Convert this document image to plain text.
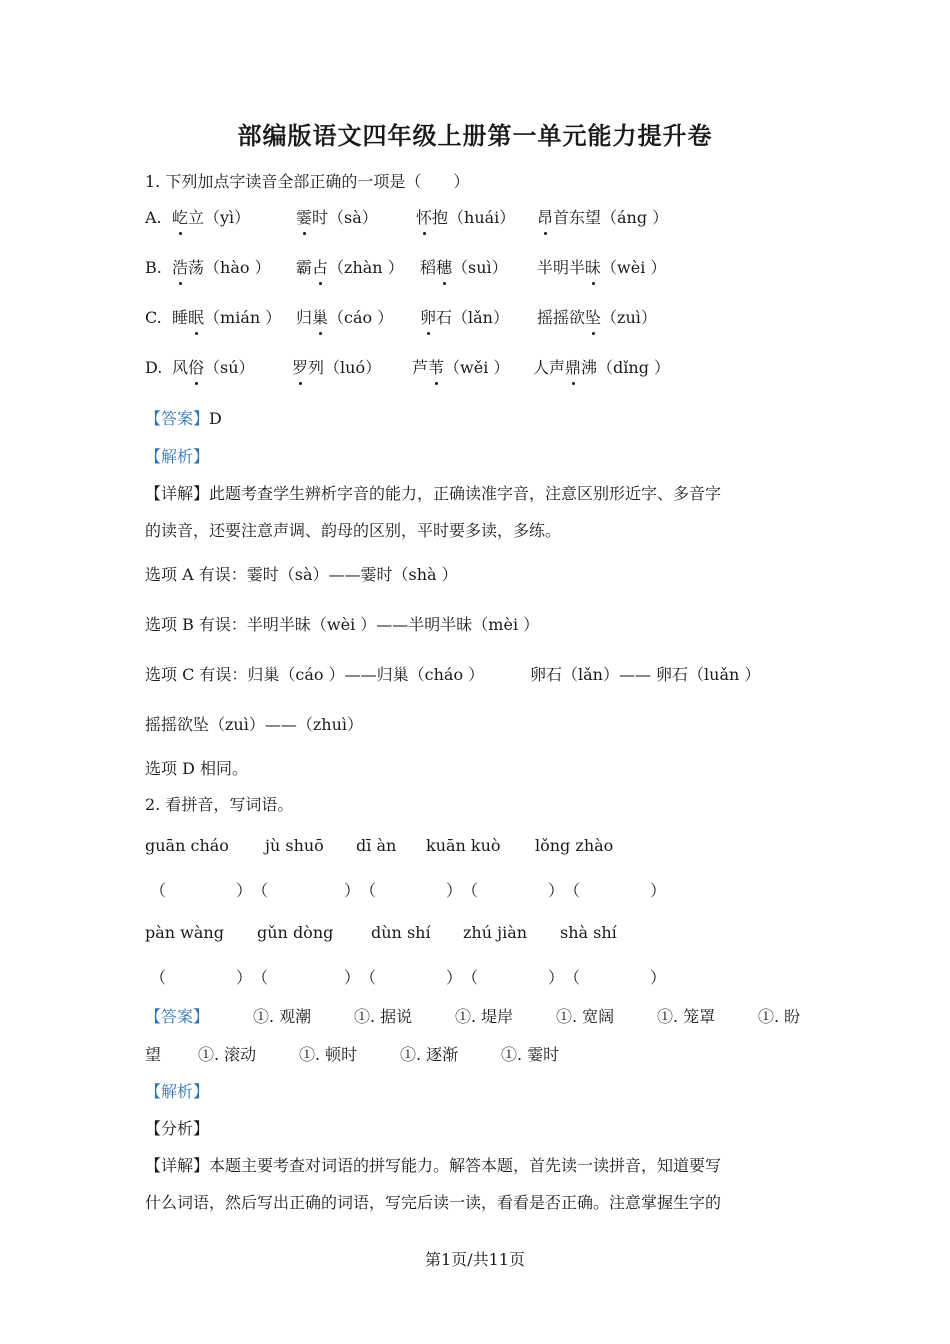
部编版语文四年级上册第一单元能力提升卷
1. 下列加点字读音全部正确的一项是（　　）
A. 屹立（yì）	霎时（sà） 怀抱（huái） 昂首东望（áng ）
B. 浩荡（hào ） 霸占（zhàn ） 稻穗（suì） 半明半昧（wèi ）
C. 睡眠（mián ） 归巢（cáo ） 卵石（lǎn） 摇摇欲坠（zuì）
D. 风俗（sú） 罗列（luó） 芦苇（wěi ） 人声鼎沸（dǐng ）
【答案】D
【解析】
【详解】此题考查学生辨析字音的能力，正确读准字音，注意区别形近字、多音字
的读音，还要注意声调、韵母的区别，平时要多读，多练。
选项 A 有误：霎时（sà）——霎时（shà ）
选项 B 有误：半明半昧（wèi ）——半明半昧（mèi ）
选项 C 有误：归巢（cáo ）——归巢（cháo ）	卵石（lǎn）—— 卵石（luǎn ）
摇摇欲坠（zuì）——（zhuì）
选项 D 相同。
2. 看拼音，写词语。
guān cháo jù shuō dī àn kuān kuò lǒng zhào
（	） （	） （	） （	） （	）
pàn wàng gǔn dòng dùn shí zhú jiàn shà shí
（	） （	） （	） （	） （	）
【答案】	①. 观潮	①. 据说	①. 堤岸	①. 宽阔	①. 笼罩	①. 盼
望 ①. 滚动	①. 顿时	①. 逐渐	①. 霎时
【解析】
【分析】
【详解】本题主要考查对词语的拼写能力。解答本题，首先读一读拼音，知道要写
什么词语，然后写出正确的词语，写完后读一读，看看是否正确。注意掌握生字的
第1页/共11页
